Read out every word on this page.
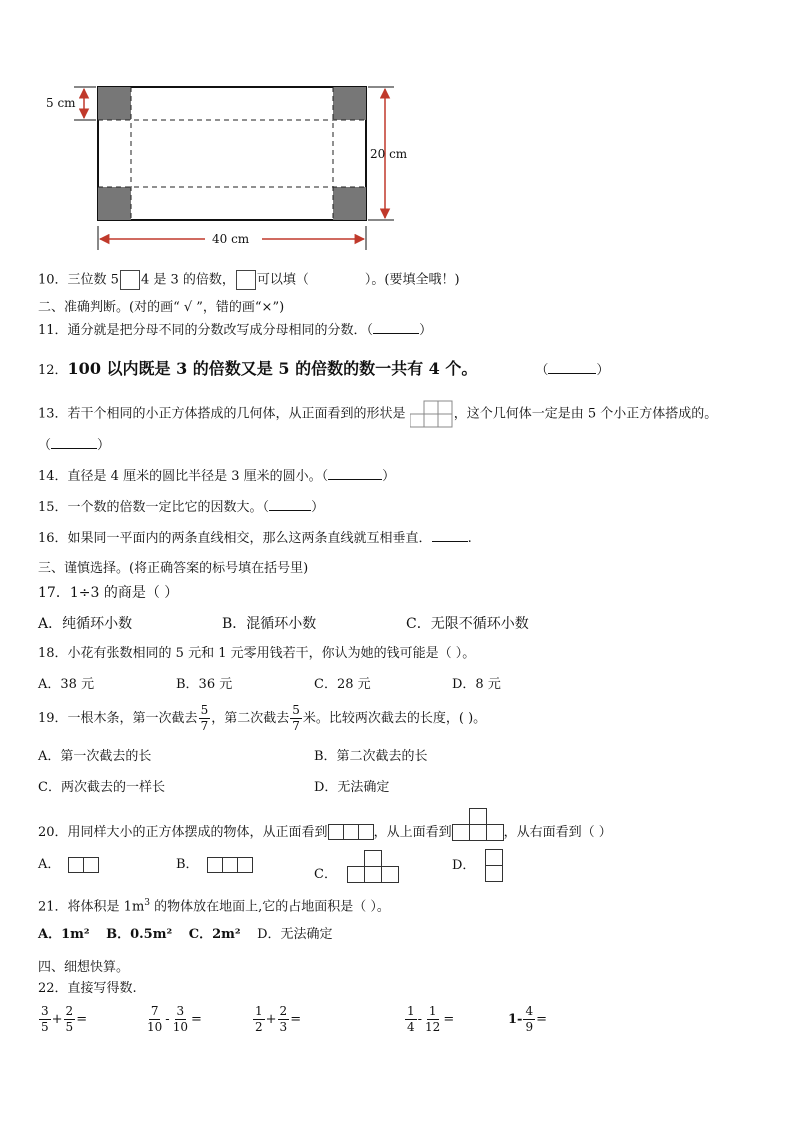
5 cm
20 cm
40 cm
10．三位数 5 4 是 3 的倍数， 可以填（	）。(要填全哦！)
二、准确判断。(对的画“ √ ”，错的画“×”)
11．通分就是把分母不同的分数改写成分母相同的分数．（	）
12．100 以内既是 3 的倍数又是 5 的倍数的数一共有 4 个。	（	）
13．若干个相同的小正方体搭成的几何体，从正面看到的形状是	，这个几何体一定是由 5 个小正方体搭成的。
（	）
14．直径是 4 厘米的圆比半径是 3 厘米的圆小。（	）
15．一个数的倍数一定比它的因数大。（	）
16．如果同一平面内的两条直线相交，那么这两条直线就互相垂直．	.
三、谨慎选择。(将正确答案的标号填在括号里)
17．1÷3 的商是（ ）
A．纯循环小数	B．混循环小数	C．无限不循环小数
18．小花有张数相同的 5 元和 1 元零用钱若干，你认为她的钱可能是（ ）。
A．38 元	B．36 元	C．28 元	D．8 元
19． 一根木条，第一次截去 $\frac{5}{7}$ ，第二次截去 $\frac{5}{7}$ 米。比较两次截去的长度，( )。
A．第一次截去的长	B．第二次截去的长
C．两次截去的一样长	D．无法确定
20． 用同样大小的正方体摆成的物体，从正面看到	，从上面看到	，从右面看到（ ）
A．	B．
C．
D．
21．将体积是 $1m^3$ 的物体放在地面上,它的占地面积是（ ）。
A．1m² B．0.5m² C．2m² D．无法确定
四、细想快算。
22．直接写得数.
$\frac{3}{5} + \frac{2}{5}$ =	$\frac{7}{10} - \frac{3}{10}$ =	$\frac{1}{2} + \frac{2}{3}$ =	$\frac{1}{4} - \frac{1}{12}$ =	$1- \frac{4}{9}$ =
